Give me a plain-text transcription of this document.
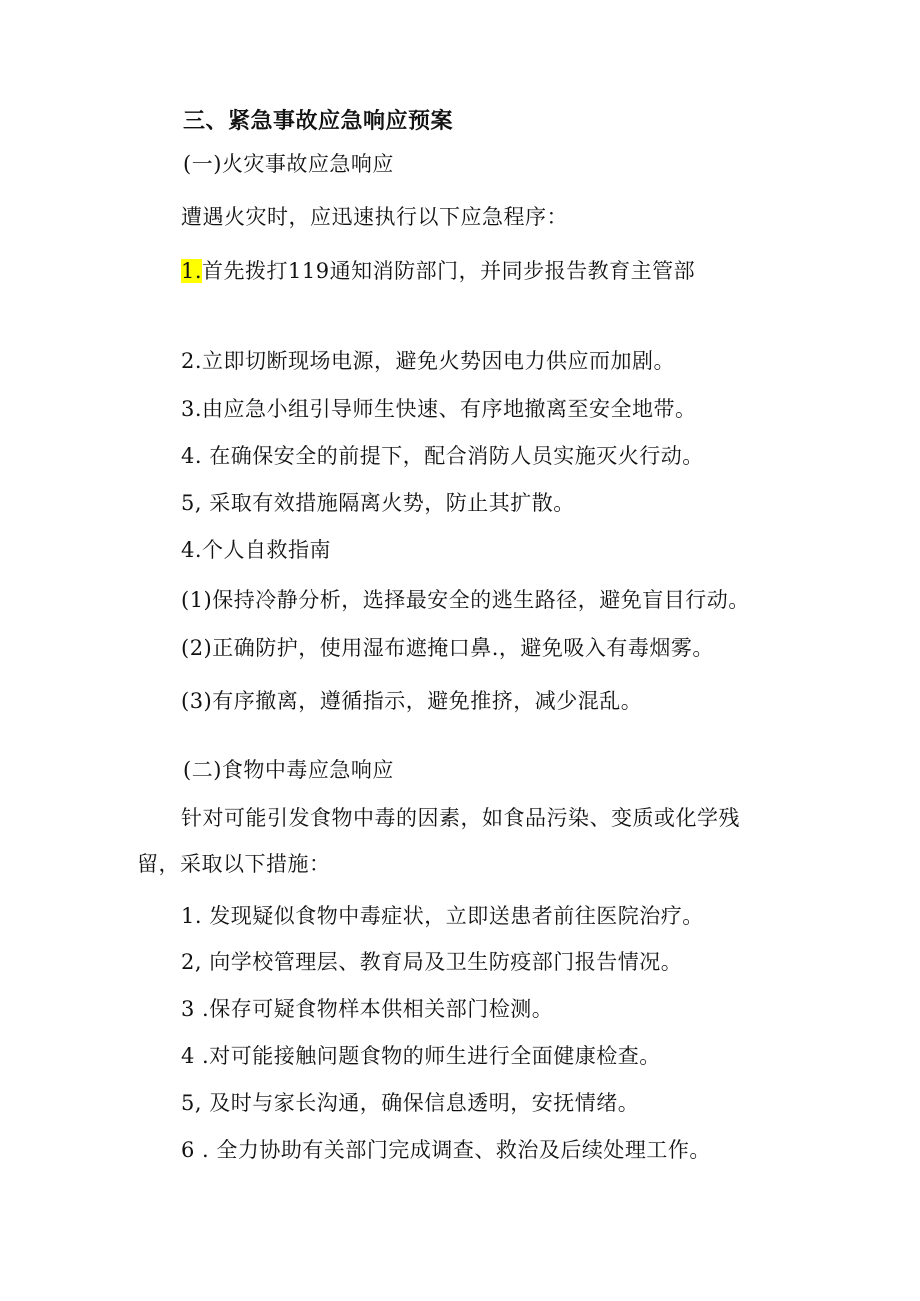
三、紧急事故应急响应预案
(一)火灾事故应急响应
遭遇火灾时，应迅速执行以下应急程序：
1.首先拨打119通知消防部门，并同步报告教育主管部
2.立即切断现场电源，避免火势因电力供应而加剧。
3.由应急小组引导师生快速、有序地撤离至安全地带。
4. 在确保安全的前提下，配合消防人员实施灭火行动。
5, 采取有效措施隔离火势，防止其扩散。
4.个人自救指南
(1)保持冷静分析，选择最安全的逃生路径，避免盲目行动。
(2)正确防护，使用湿布遮掩口鼻.，避免吸入有毒烟雾。
(3)有序撤离，遵循指示，避免推挤，减少混乱。
(二)食物中毒应急响应
针对可能引发食物中毒的因素，如食品污染、变质或化学残
留，采取以下措施：
1. 发现疑似食物中毒症状，立即送患者前往医院治疗。
2, 向学校管理层、教育局及卫生防疫部门报告情况。
3 .保存可疑食物样本供相关部门检测。
4 .对可能接触问题食物的师生进行全面健康检查。
5, 及时与家长沟通，确保信息透明，安抚情绪。
6 . 全力协助有关部门完成调查、救治及后续处理工作。
